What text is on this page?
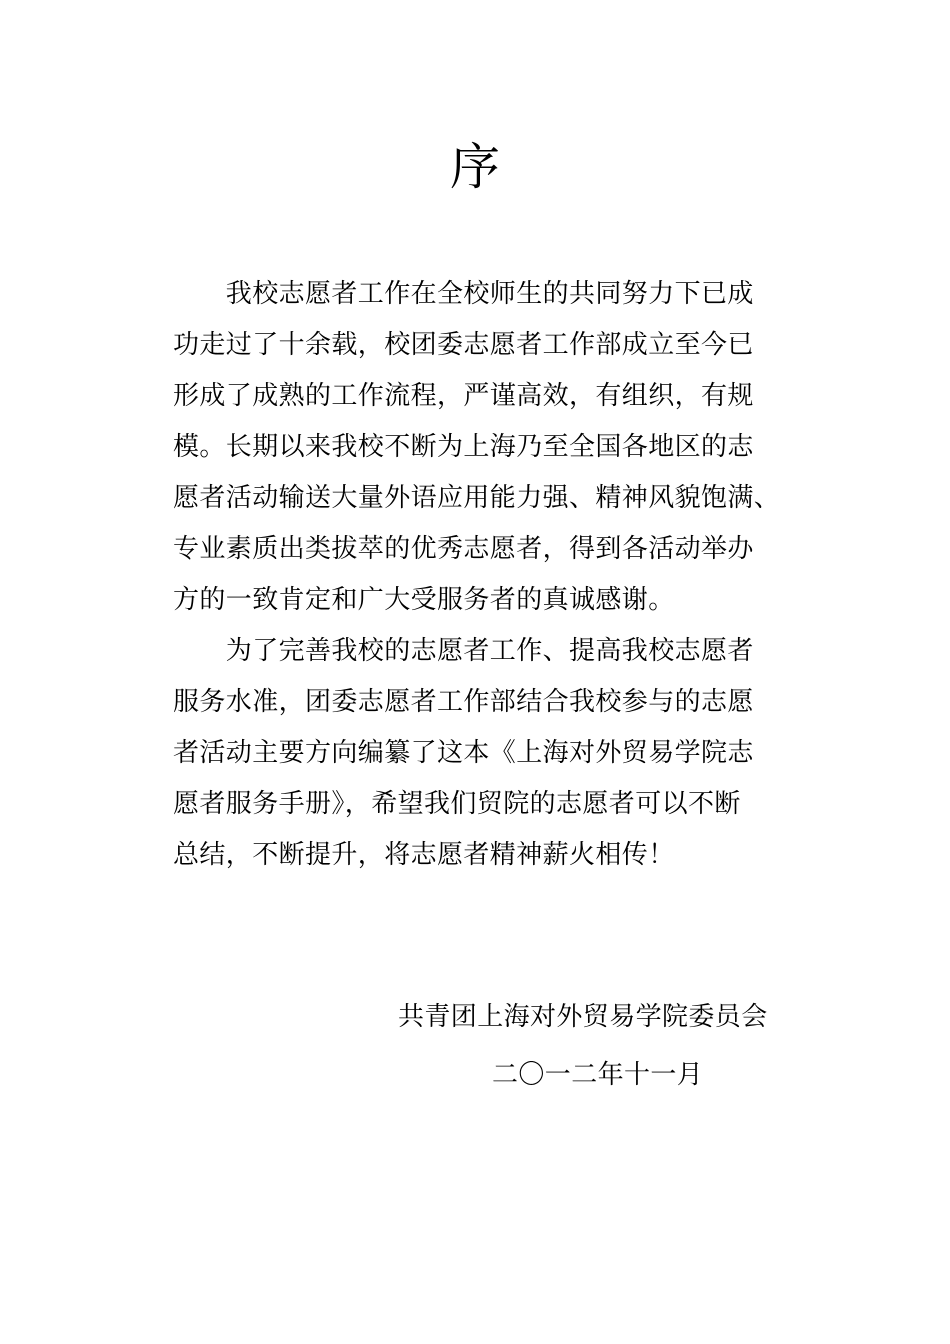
序
　　我校志愿者工作在全校师生的共同努力下已成
功走过了十余载，校团委志愿者工作部成立至今已
形成了成熟的工作流程，严谨高效，有组织，有规
模。长期以来我校不断为上海乃至全国各地区的志
愿者活动输送大量外语应用能力强、精神风貌饱满、
专业素质出类拔萃的优秀志愿者，得到各活动举办
方的一致肯定和广大受服务者的真诚感谢。
　　为了完善我校的志愿者工作、提高我校志愿者
服务水准，团委志愿者工作部结合我校参与的志愿
者活动主要方向编纂了这本《上海对外贸易学院志
愿者服务手册》，希望我们贸院的志愿者可以不断
总结，不断提升，将志愿者精神薪火相传！
共青团上海对外贸易学院委员会
二〇一二年十一月
